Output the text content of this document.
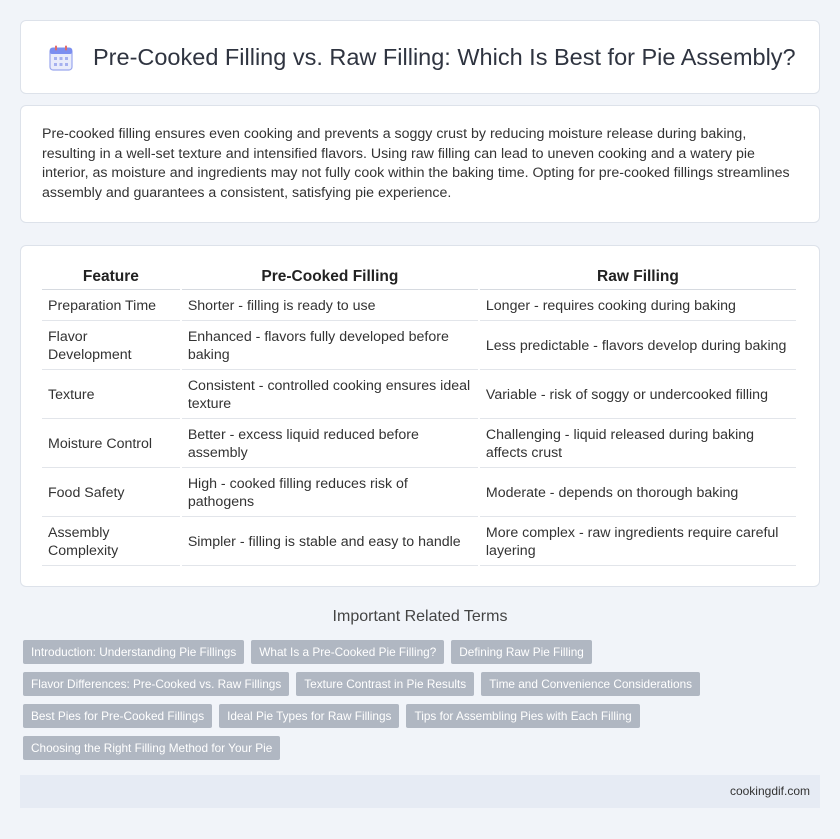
Pre-Cooked Filling vs. Raw Filling: Which Is Best for Pie Assembly?

Pre-cooked filling ensures even cooking and prevents a soggy crust by reducing moisture release during baking, resulting in a well-set texture and intensified flavors. Using raw filling can lead to uneven cooking and a watery pie interior, as moisture and ingredients may not fully cook within the baking time. Opting for pre-cooked fillings streamlines assembly and guarantees a consistent, satisfying pie experience.

Feature	Pre-Cooked Filling	Raw Filling
Preparation Time	Shorter - filling is ready to use	Longer - requires cooking during baking
Flavor Development	Enhanced - flavors fully developed before baking	Less predictable - flavors develop during baking
Texture	Consistent - controlled cooking ensures ideal texture	Variable - risk of soggy or undercooked filling
Moisture Control	Better - excess liquid reduced before assembly	Challenging - liquid released during baking affects crust
Food Safety	High - cooked filling reduces risk of pathogens	Moderate - depends on thorough baking
Assembly Complexity	Simpler - filling is stable and easy to handle	More complex - raw ingredients require careful layering
Important Related Terms
Introduction: Understanding Pie Fillings What Is a Pre-Cooked Pie Filling? Defining Raw Pie Filling
Flavor Differences: Pre-Cooked vs. Raw Fillings Texture Contrast in Pie Results Time and Convenience Considerations
Best Pies for Pre-Cooked Fillings Ideal Pie Types for Raw Fillings Tips for Assembling Pies with Each Filling
Choosing the Right Filling Method for Your Pie
cookingdif.com
